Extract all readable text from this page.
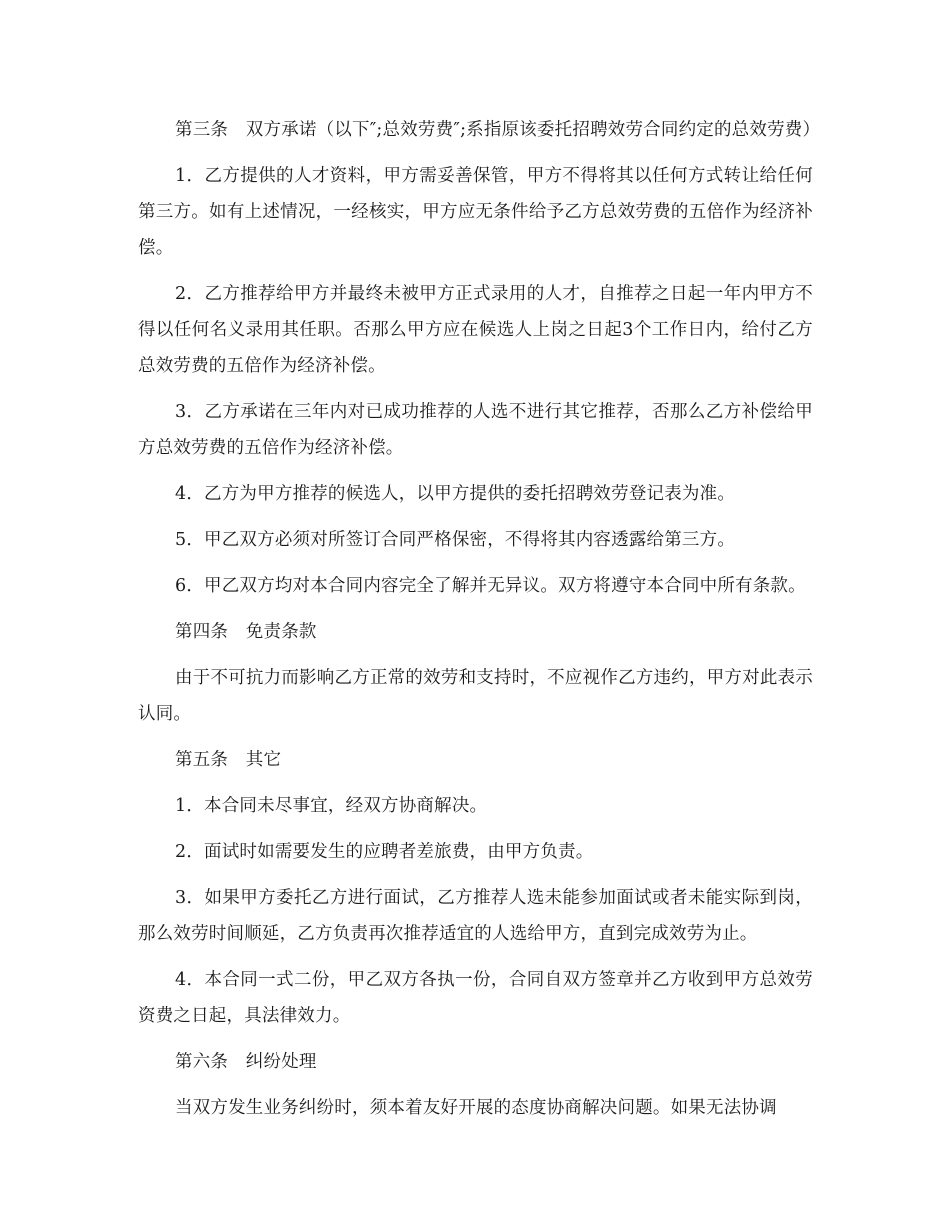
第三条　双方承诺（以下″;总效劳费″;系指原该委托招聘效劳合同约定的总效劳费）

1．乙方提供的人才资料，甲方需妥善保管，甲方不得将其以任何方式转让给任何第三方。如有上述情况，一经核实，甲方应无条件给予乙方总效劳费的五倍作为经济补偿。

2．乙方推荐给甲方并最终未被甲方正式录用的人才，自推荐之日起一年内甲方不得以任何名义录用其任职。否那么甲方应在候选人上岗之日起3个工作日内，给付乙方总效劳费的五倍作为经济补偿。

3．乙方承诺在三年内对已成功推荐的人选不进行其它推荐，否那么乙方补偿给甲方总效劳费的五倍作为经济补偿。

4．乙方为甲方推荐的候选人，以甲方提供的委托招聘效劳登记表为准。

5．甲乙双方必须对所签订合同严格保密，不得将其内容透露给第三方。

6．甲乙双方均对本合同内容完全了解并无异议。双方将遵守本合同中所有条款。

第四条　免责条款

由于不可抗力而影响乙方正常的效劳和支持时，不应视作乙方违约，甲方对此表示认同。

第五条　其它

1．本合同未尽事宜，经双方协商解决。

2．面试时如需要发生的应聘者差旅费，由甲方负责。

3．如果甲方委托乙方进行面试，乙方推荐人选未能参加面试或者未能实际到岗，那么效劳时间顺延，乙方负责再次推荐适宜的人选给甲方，直到完成效劳为止。

4．本合同一式二份，甲乙双方各执一份，合同自双方签章并乙方收到甲方总效劳资费之日起，具法律效力。

第六条　纠纷处理

当双方发生业务纠纷时，须本着友好开展的态度协商解决问题。如果无法协调
